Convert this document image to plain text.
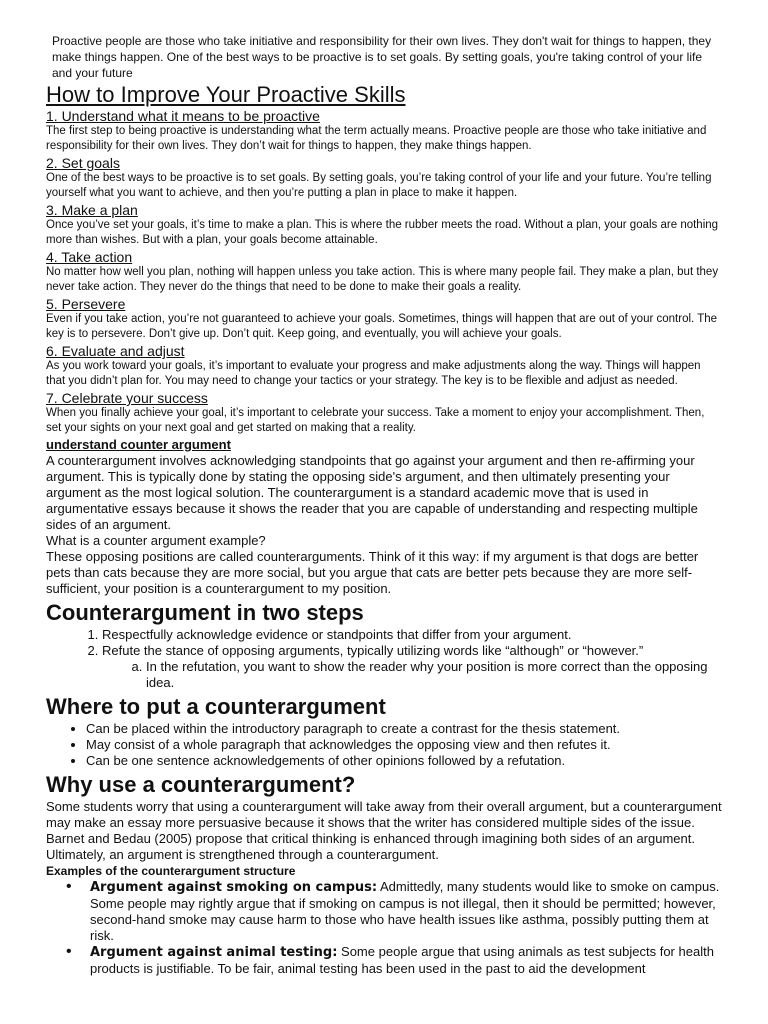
Proactive people are those who take initiative and responsibility for their own lives. They don't wait for things to happen, they make things happen. One of the best ways to be proactive is to set goals. By setting goals, you're taking control of your life and your future

How to Improve Your Proactive Skills
1. Understand what it means to be proactive

The first step to being proactive is understanding what the term actually means. Proactive people are those who take initiative and responsibility for their own lives. They don’t wait for things to happen, they make things happen.

2. Set goals

One of the best ways to be proactive is to set goals. By setting goals, you’re taking control of your life and your future. You’re telling yourself what you want to achieve, and then you’re putting a plan in place to make it happen.

3. Make a plan

Once you’ve set your goals, it’s time to make a plan. This is where the rubber meets the road. Without a plan, your goals are nothing more than wishes. But with a plan, your goals become attainable.

4. Take action

No matter how well you plan, nothing will happen unless you take action. This is where many people fail. They make a plan, but they never take action. They never do the things that need to be done to make their goals a reality.

5. Persevere

Even if you take action, you’re not guaranteed to achieve your goals. Sometimes, things will happen that are out of your control. The key is to persevere. Don’t give up. Don’t quit. Keep going, and eventually, you will achieve your goals.

6. Evaluate and adjust

As you work toward your goals, it’s important to evaluate your progress and make adjustments along the way. Things will happen that you didn’t plan for. You may need to change your tactics or your strategy. The key is to be flexible and adjust as needed.

7. Celebrate your success

When you finally achieve your goal, it’s important to celebrate your success. Take a moment to enjoy your accomplishment. Then, set your sights on your next goal and get started on making that a reality.

understand counter argument

A counterargument involves acknowledging standpoints that go against your argument and then re-affirming your argument. This is typically done by stating the opposing side's argument, and then ultimately presenting your argument as the most logical solution. The counterargument is a standard academic move that is used in argumentative essays because it shows the reader that you are capable of understanding and respecting multiple sides of an argument.

What is a counter argument example?

These opposing positions are called counterarguments. Think of it this way: if my argument is that dogs are better pets than cats because they are more social, but you argue that cats are better pets because they are more self-sufficient, your position is a counterargument to my position.

Counterargument in two steps
1. Respectfully acknowledge evidence or standpoints that differ from your argument.
2. Refute the stance of opposing arguments, typically utilizing words like “although” or “however.”
a. In the refutation, you want to show the reader why your position is more correct than the opposing idea.
Where to put a counterargument
• Can be placed within the introductory paragraph to create a contrast for the thesis statement.
• May consist of a whole paragraph that acknowledges the opposing view and then refutes it.
• Can be one sentence acknowledgements of other opinions followed by a refutation.
Why use a counterargument?

Some students worry that using a counterargument will take away from their overall argument, but a counterargument may make an essay more persuasive because it shows that the writer has considered multiple sides of the issue. Barnet and Bedau (2005) propose that critical thinking is enhanced through imagining both sides of an argument. Ultimately, an argument is strengthened through a counterargument.

Examples of the counterargument structure

• Argument against smoking on campus: Admittedly, many students would like to smoke on campus. Some people may rightly argue that if smoking on campus is not illegal, then it should be permitted; however, second-hand smoke may cause harm to those who have health issues like asthma, possibly putting them at risk.
• Argument against animal testing: Some people argue that using animals as test subjects for health products is justifiable. To be fair, animal testing has been used in the past to aid the development
